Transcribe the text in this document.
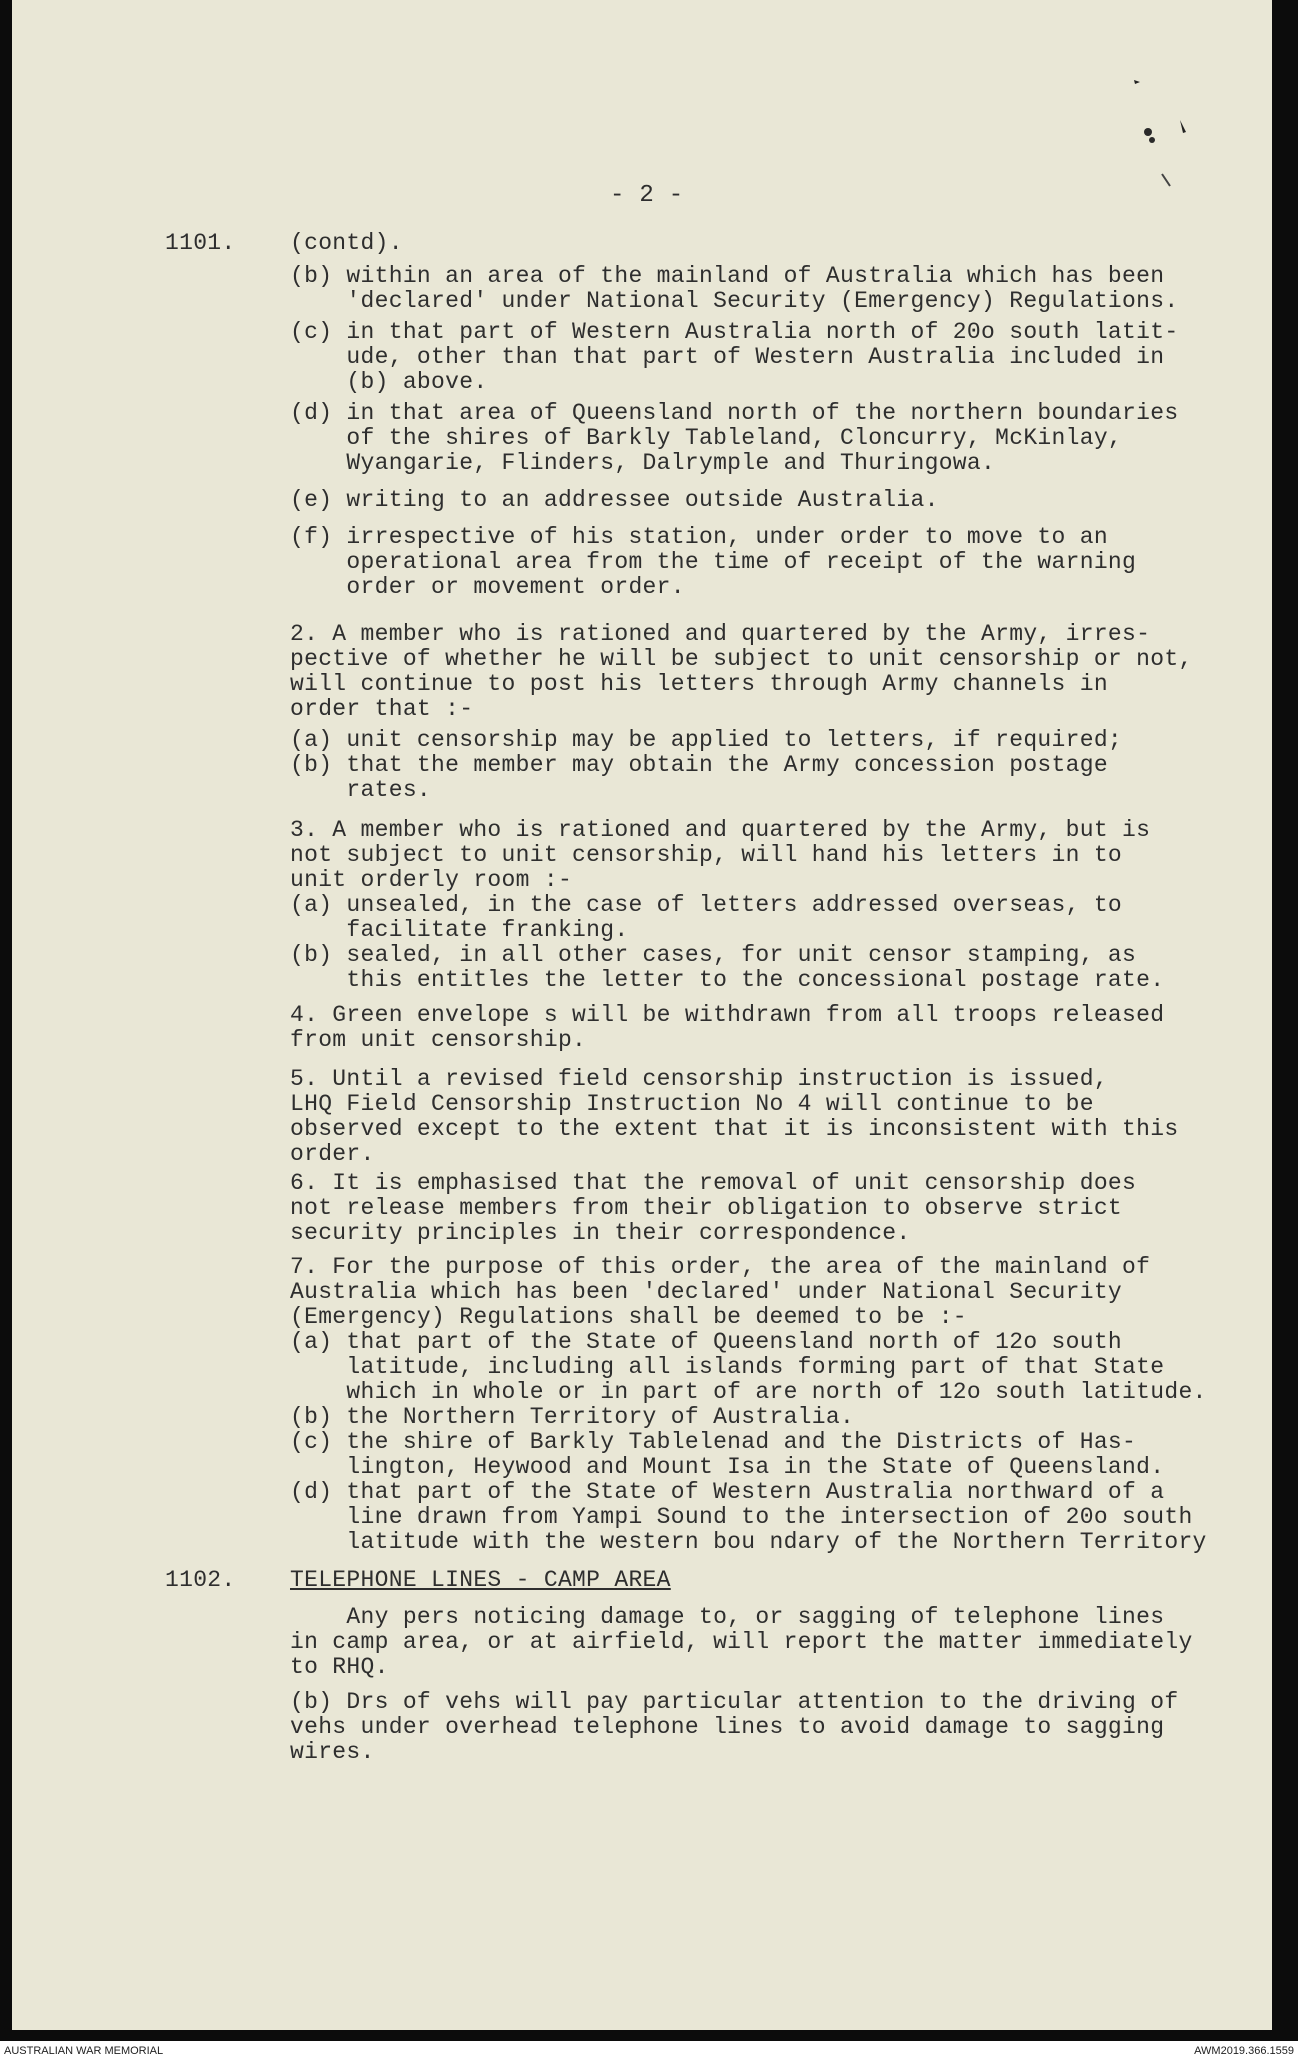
- 2 -
1101. (contd).
(b) within an area of the mainland of Australia which has been
'declared' under National Security (Emergency) Regulations.
(c) in that part of Western Australia north of 20o south latit-
ude, other than that part of Western Australia included in
(b) above.
(d) in that area of Queensland north of the northern boundaries
of the shires of Barkly Tableland, Cloncurry, McKinlay,
Wyangarie, Flinders, Dalrymple and Thuringowa.
(e) writing to an addressee outside Australia.
(f) irrespective of his station, under order to move to an
operational area from the time of receipt of the warning
order or movement order.
2. A member who is rationed and quartered by the Army, irres-
pective of whether he will be subject to unit censorship or not,
will continue to post his letters through Army channels in
order that :-
(a) unit censorship may be applied to letters, if required;
(b) that the member may obtain the Army concession postage
rates.
3. A member who is rationed and quartered by the Army, but is
not subject to unit censorship, will hand his letters in to
unit orderly room :-
(a) unsealed, in the case of letters addressed overseas, to
facilitate franking.
(b) sealed, in all other cases, for unit censor stamping, as
this entitles the letter to the concessional postage rate.
4. Green envelope s will be withdrawn from all troops released
from unit censorship.
5. Until a revised field censorship instruction is issued,
LHQ Field Censorship Instruction No 4 will continue to be
observed except to the extent that it is inconsistent with this
order.
6. It is emphasised that the removal of unit censorship does
not release members from their obligation to observe strict
security principles in their correspondence.
7. For the purpose of this order, the area of the mainland of
Australia which has been 'declared' under National Security
(Emergency) Regulations shall be deemed to be :-
(a) that part of the State of Queensland north of 12o south
latitude, including all islands forming part of that State
which in whole or in part of are north of 12o south latitude.
(b) the Northern Territory of Australia.
(c) the shire of Barkly Tablelenad and the Districts of Has-
lington, Heywood and Mount Isa in the State of Queensland.
(d) that part of the State of Western Australia northward of a
line drawn from Yampi Sound to the intersection of 20o south
latitude with the western bou ndary of the Northern Territory
1102. TELEPHONE LINES - CAMP AREA
Any pers noticing damage to, or sagging of telephone lines
in camp area, or at airfield, will report the matter immediately
to RHQ.
(b) Drs of vehs will pay particular attention to the driving of
vehs under overhead telephone lines to avoid damage to sagging
wires.
AUSTRALIAN WAR MEMORIAL	AWM2019.366.1559
